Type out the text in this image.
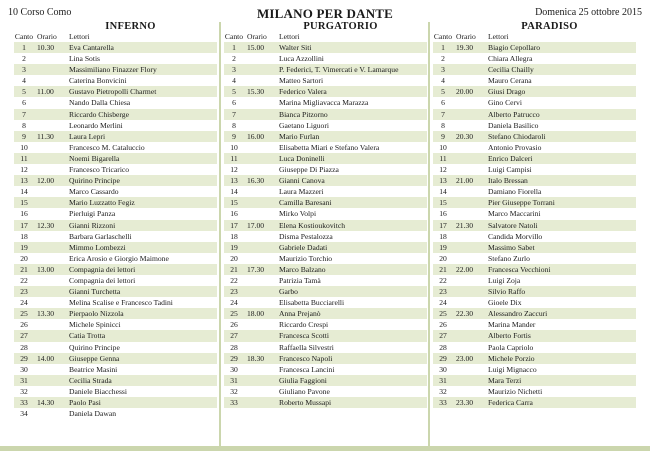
10 Corso Como	MILANO PER DANTE	Domenica 25 ottobre 2015
INFERNO
Canto Orario Lettori
1	10.30 Eva Cantarella
2	Lina Sotis
3	Massimiliano Finazzer Flory
4	Caterina Bonvicini
5	11.00 Gustavo Pietropolli Charmet
6	Nando Dalla Chiesa
7	Riccardo Chisberge
8	Leonardo Merlini
9	11.30 Laura Lepri
10	Francesco M. Cataluccio
11	Noemi Bigarella
12	Francesco Tricarico
13	12.00 Quirino Principe
14	Marco Cassardo
15	Mario Luzzatto Fegiz
16	Pierluigi Panza
17	12.30 Gianni Rizzoni
18	Barbara Garlaschelli
19	Mimmo Lombezzi
20	Erica Arosio e Giorgio Maimone
21	13.00 Compagnia dei lettori
22	Compagnia dei lettori
23	Gianni Turchetta
24	Melina Scalise e Francesco Tadini
25	13.30 Pierpaolo Nizzola
26	Michele Spinicci
27	Catia Trotta
28	Quirino Principe
29	14.00 Giuseppe Genna
30	Beatrice Masini
31	Cecilia Strada
32	Daniele Biacchessi
33	14.30 Paolo Pasi
34	Daniela Dawan
PURGATORIO
Canto Orario Lettori
1	15.00 Walter Siti
2	Luca Azzollini
3	P. Federici, T. Vimercati e V. Lamarque
4	Matteo Sartori
5	15.30 Federico Valera
6	Marina Migliavacca Marazza
7	Bianca Pitzorno
8	Gaetano Liguori
9	16.00 Mario Furlan
10	Elisabetta Miari e Stefano Valera
11	Luca Doninelli
12	Giuseppe Di Piazza
13	16.30 Gianni Canova
14	Laura Mazzeri
15	Camilla Baresani
16	Mirko Volpi
17	17.00 Elena Kostioukovitch
18	Disma Pestalozza
19	Gabriele Dadati
20	Maurizio Torchio
21	17.30 Marco Balzano
22	Patrizia Tamà
23	Garbo
24	Elisabetta Bucciarelli
25	18.00 Anna Prejanò
26	Riccardo Crespi
27	Francesca Scotti
28	Raffaella Silvestri
29	18.30 Francesco Napoli
30	Francesca Lancini
31	Giulia Faggioni
32	Giuliano Pavone
33	Roberto Mussapi
PARADISO
Canto Orario Lettori
1	19.30 Biagio Cepollaro
2	Chiara Allegra
3	Cecilia Chailly
4	Mauro Cerana
5	20.00 Giusi Drago
6	Gino Cervi
7	Alberto Patrucco
8	Daniela Basilico
9	20.30 Stefano Chiodaroli
10	Antonio Provasio
11	Enrico Dalceri
12	Luigi Campisi
13	21.00 Italo Bressan
14	Damiano Fiorella
15	Pier Giuseppe Torrani
16	Marco Maccarini
17	21.30 Salvatore Natoli
18	Candida Morvillo
19	Massimo Sabet
20	Stefano Zurlo
21	22.00 Francesca Vecchioni
22	Luigi Zoja
23	Silvio Raffo
24	Gioele Dix
25	22.30 Alessandro Zaccuri
26	Marina Mander
27	Alberto Fortis
28	Paola Capriolo
29	23.00 Michele Porzio
30	Luigi Mignacco
31	Mara Terzi
32	Maurizio Nichetti
33	23.30 Federica Carra
